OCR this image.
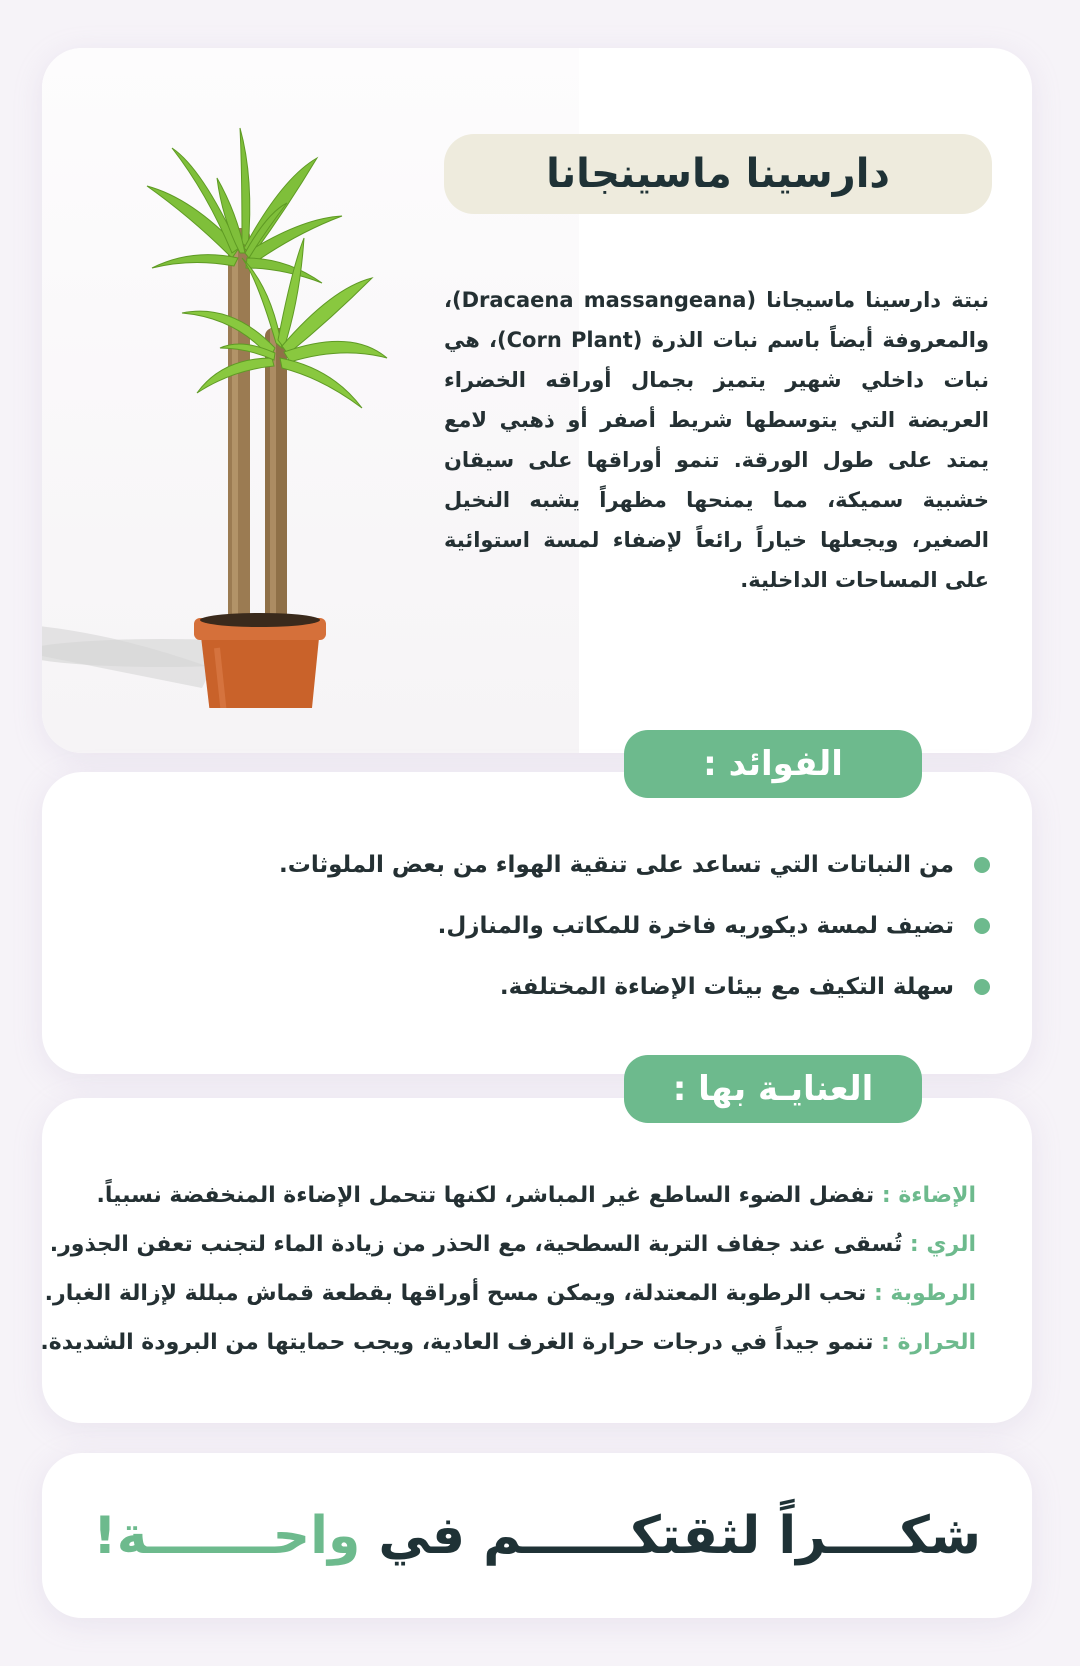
دارسينا ماسينجانا

نبتة دارسينا ماسيجانا (Dracaena massangeana)، والمعروفة أيضاً باسم نبات الذرة (Corn Plant)، هي نبات داخلي شهير يتميز بجمال أوراقه الخضراء العريضة التي يتوسطها شريط أصفر أو ذهبي لامع يمتد على طول الورقة. تنمو أوراقها على سيقان خشبية سميكة، مما يمنحها مظهراً يشبه النخيل الصغير، ويجعلها خياراً رائعاً لإضفاء لمسة استوائية على المساحات الداخلية.

الفوائد :
من النباتات التي تساعد على تنقية الهواء من بعض الملوثات.
تضيف لمسة ديكوريه فاخرة للمكاتب والمنازل.
سهلة التكيف مع بيئات الإضاءة المختلفة.
العنايـة بها :
الإضاءة : تفضل الضوء الساطع غير المباشر، لكنها تتحمل الإضاءة المنخفضة نسبياً.
الري : تُسقى عند جفاف التربة السطحية، مع الحذر من زيادة الماء لتجنب تعفن الجذور.
الرطوبة : تحب الرطوبة المعتدلة، ويمكن مسح أوراقها بقطعة قماش مبللة لإزالة الغبار.
الحرارة : تنمو جيداً في درجات حرارة الغرف العادية، ويجب حمايتها من البرودة الشديدة.
شكــــراً لثقتكــــــم في واحـــــــة!
